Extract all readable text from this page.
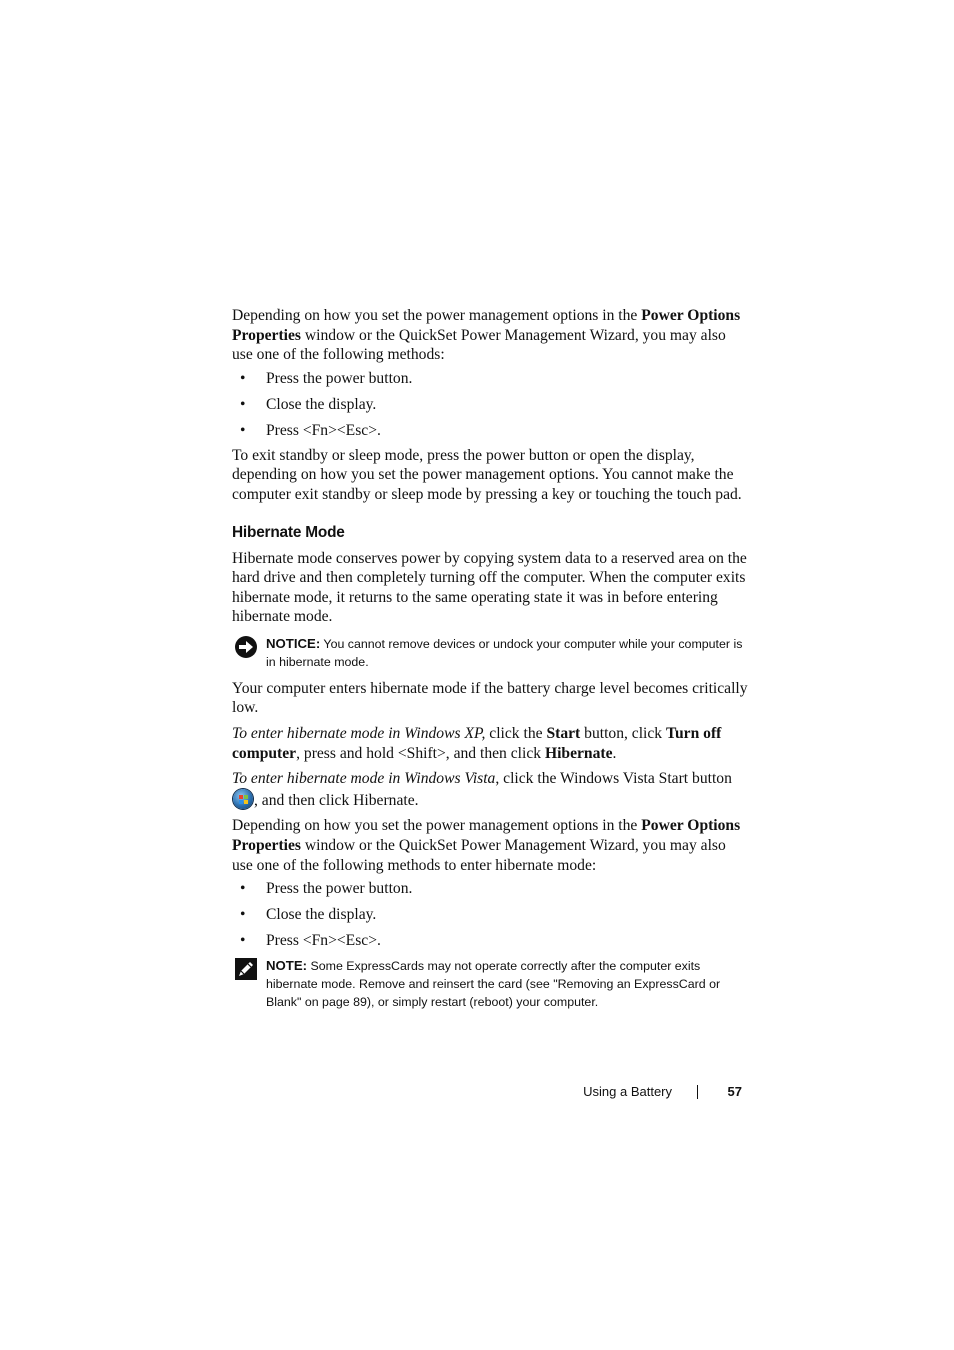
Depending on how you set the power management options in the Power Options Properties window or the QuickSet Power Management Wizard, you may also use one of the following methods:

• Press the power button.
• Close the display.
• Press <Fn><Esc>.

To exit standby or sleep mode, press the power button or open the display, depending on how you set the power management options. You cannot make the computer exit standby or sleep mode by pressing a key or touching the touch pad.

Hibernate Mode

Hibernate mode conserves power by copying system data to a reserved area on the hard drive and then completely turning off the computer. When the computer exits hibernate mode, it returns to the same operating state it was in before entering hibernate mode.

NOTICE: You cannot remove devices or undock your computer while your computer is in hibernate mode.

Your computer enters hibernate mode if the battery charge level becomes critically low.

To enter hibernate mode in Windows XP, click the Start button, click Turn off computer, press and hold <Shift>, and then click Hibernate.

To enter hibernate mode in Windows Vista, click the Windows Vista Start button
, and then click Hibernate.

Depending on how you set the power management options in the Power Options Properties window or the QuickSet Power Management Wizard, you may also use one of the following methods to enter hibernate mode:

• Press the power button.
• Close the display.
• Press <Fn><Esc>.
NOTE: Some ExpressCards may not operate correctly after the computer exits hibernate mode. Remove and reinsert the card (see "Removing an ExpressCard or Blank" on page 89), or simply restart (reboot) your computer.
Using a Battery	57
